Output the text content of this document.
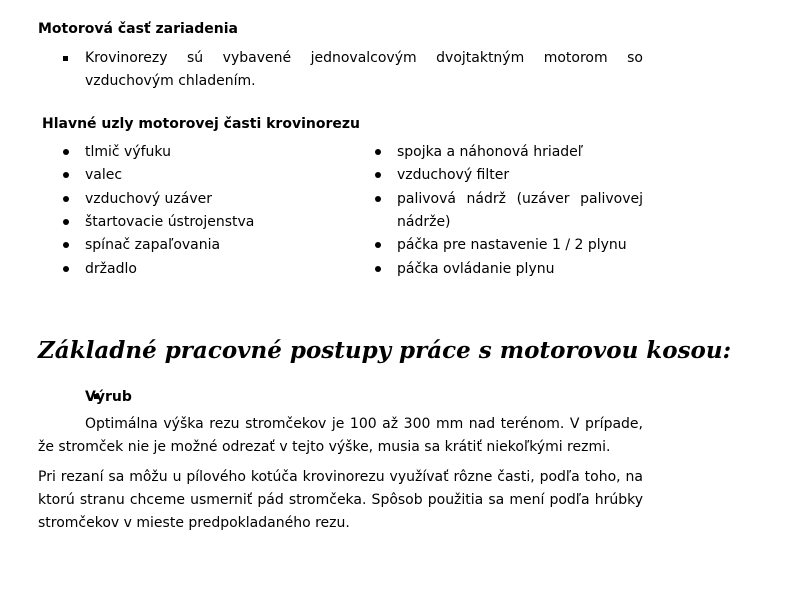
Motorová časť zariadenia
Krovinorezy sú vybavené jednovalcovým dvojtaktným motorom so vzduchovým chladením.
Hlavné uzly motorovej časti krovinorezu
tlmič výfuku
valec
vzduchový uzáver
štartovacie ústrojenstva
spínač zapaľovania
držadlo
spojka a náhonová hriadeľ
vzduchový filter
palivová nádrž (uzáver palivovej nádrže)
páčka pre nastavenie 1 / 2 plynu
páčka ovládanie plynu
Základné pracovné postupy práce s motorovou kosou:
Výrub
Optimálna výška rezu stromčekov je 100 až 300 mm nad terénom. V prípade, že stromček nie je možné odrezať v tejto výške, musia sa krátiť niekoľkými rezmi.
Pri rezaní sa môžu u pílového kotúča krovinorezu využívať rôzne časti, podľa toho, na ktorú stranu chceme usmerniť pád stromčeka. Spôsob použitia sa mení podľa hrúbky stromčekov v mieste predpokladaného rezu.
